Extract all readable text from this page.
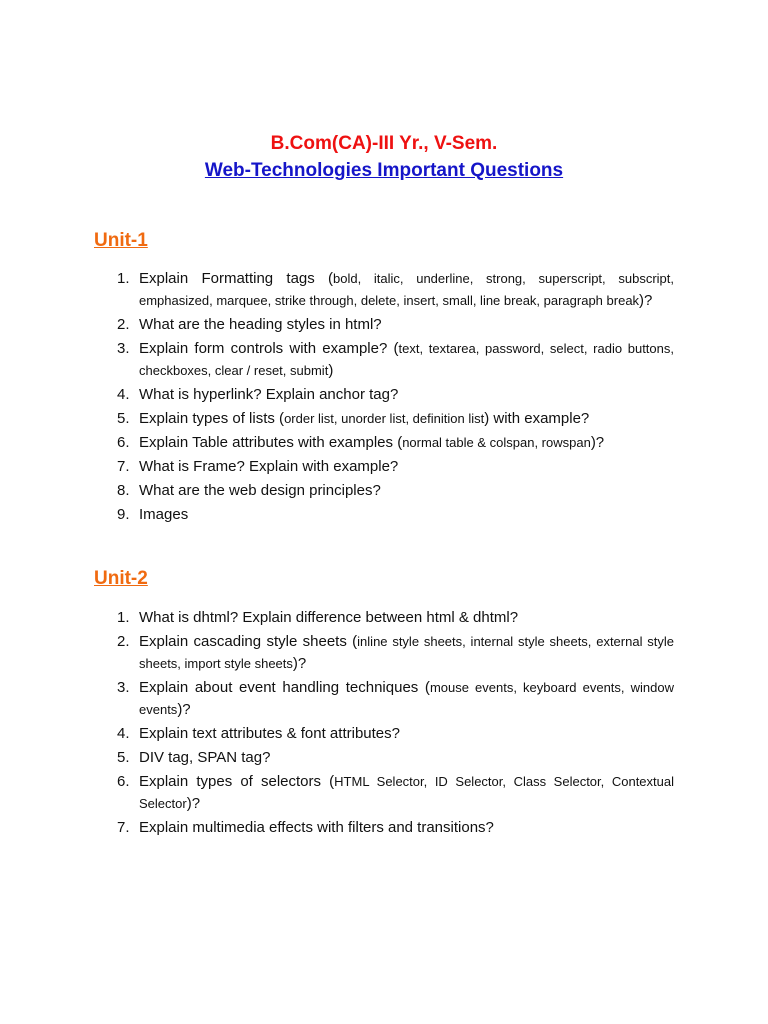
B.Com(CA)-III Yr., V-Sem.
Web-Technologies Important Questions
Unit-1
1. Explain Formatting tags (bold, italic, underline, strong, superscript, subscript, emphasized, marquee, strike through, delete, insert, small, line break, paragraph break)?
2. What are the heading styles in html?
3. Explain form controls with example? (text, textarea, password, select, radio buttons, checkboxes, clear / reset, submit)
4. What is hyperlink? Explain anchor tag?
5. Explain types of lists (order list, unorder list, definition list) with example?
6. Explain Table attributes with examples (normal table & colspan, rowspan)?
7. What is Frame? Explain with example?
8. What are the web design principles?
9. Images
Unit-2
1. What is dhtml? Explain difference between html & dhtml?
2. Explain cascading style sheets (inline style sheets, internal style sheets, external style sheets, import style sheets)?
3. Explain about event handling techniques (mouse events, keyboard events, window events)?
4. Explain text attributes & font attributes?
5. DIV tag, SPAN tag?
6. Explain types of selectors (HTML Selector, ID Selector, Class Selector, Contextual Selector)?
7. Explain multimedia effects with filters and transitions?
